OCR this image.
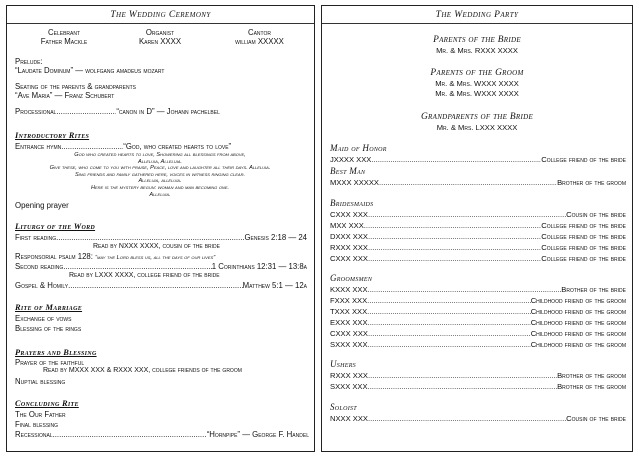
The Wedding Ceremony
Celebrant
Father Mackle
Organist
Karen XXXX
Cantor
william XXXXX
Prelude:
“Laudate Dominum” — wolfgang amadeus mozart
Seating of the parents & grandparents
“Ave Maria” — Franz Schubert
Processional .....	“canon in D” — Johann pachelbel
Introductory Rites
Entrance hymn .....	“God, who created hearts to love”
God who created hearts to love, Showering all blessings from above,
Alleluia, Alleluia.
Give these, who come to you with praise, Peace, love and laughter all their days. Alleluia.
Sing friends and family gathered here, voices in witness ringing clear.
Alleluia, alleluia.
Here is the mystery begun: woman and man becoming one.
Alleluia.
Opening prayer
Liturgy of the Word
First reading .....	Genesis 2:18 — 24
Read by NXXX XXXX, cousin of the bride
Responsorial psalm 128: “may the Lord bless us, all the days of our lives”
Second reading .....	1 Corinthians 12:31 — 13:8a
Read by LXXX XXXX, college friend of the bride
Gospel & Homily .....	Matthew 5:1 — 12a
Rite of Marriage
Exchange of vows
Blessing of the rings
Prayers and Blessing
Prayer of the faithful
Read by MXXX XXX & RXXX XXX, college friends of the groom
Nuptial blessing
Concluding Rite
The Our Father
Final blessing
Recessional .....	“Hornpipe” — George F. Handel
The Wedding Party
Parents of the Bride
Mr. & Mrs. RXXX XXXX
Parents of the Groom
Mr. & Mrs. WXXX XXXX
Mr. & Mrs. WXXX XXXX
Grandparents of the Bride
Mr. & Mrs. LXXX XXXX
Maid of Honor
JXXXX XXX .....	College friend of the bride
Best Man
MXXX XXXXX .....	Brother of the groom
Bridesmaids
CXXX XXX .....	Cousin of the bride
MXX XXX .....	College friend of the bride
DXXX XXX .....	College friend of the bride
RXXX XXX .....	College friend of the bride
CXXX XXX .....	College friend of the bride
Groomsmen
KXXX XXX .....	Brother of the bride
FXXX XXX .....	Childhood friend of the groom
TXXX XXX .....	Childhood friend of the groom
EXXX XXX .....	Childhood friend of the groom
CXXX XXX .....	Childhood friend of the groom
SXXX XXX .....	Childhood friend of the groom
Ushers
RXXX XXX .....	Brother of the groom
SXXX XXX .....	Brother of the groom
Soloist
NXXX XXX .....	Cousin of the bride
